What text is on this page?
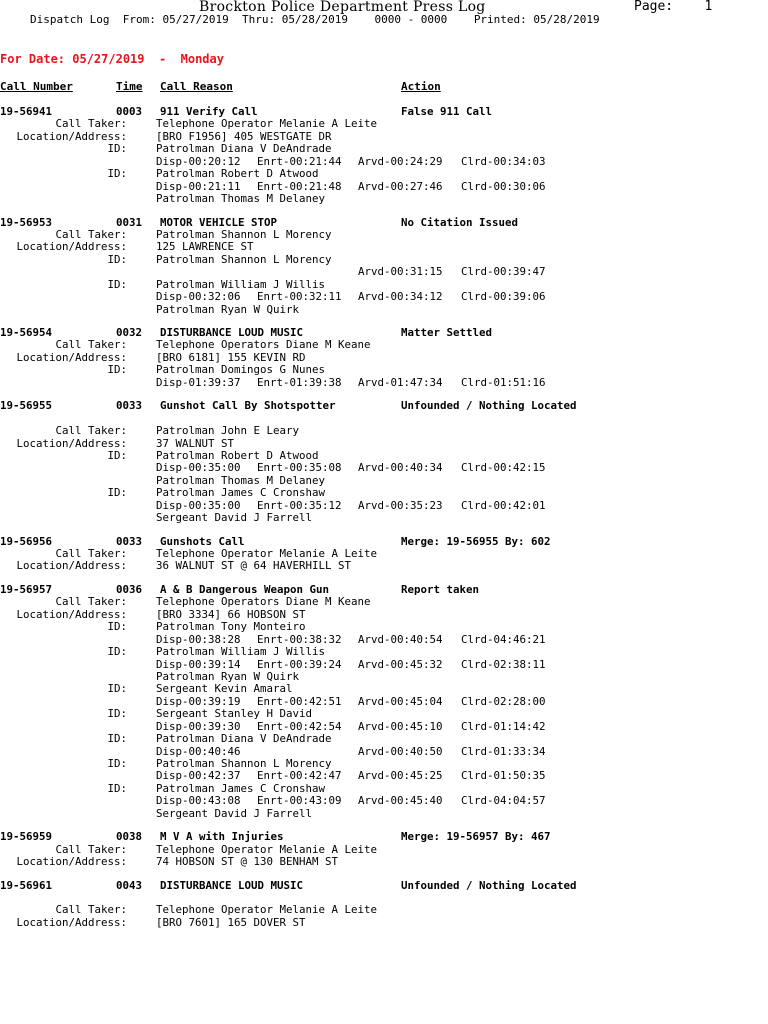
Brockton Police Department Press Log	Page: 1
Dispatch Log From: 05/27/2019 Thru: 05/28/2019 0000 - 0000 Printed: 05/28/2019
For Date: 05/27/2019  -  Monday
Call Number	Time Call Reason	Action
19-56941	0003 911 Verify Call	False 911 Call
Call Taker:	Telephone Operator Melanie A Leite
Location/Address:	[BRO F1956] 405 WESTGATE DR
ID:	Patrolman Diana V DeAndrade
Disp-00:20:12 Enrt-00:21:44 Arvd-00:24:29 Clrd-00:34:03
ID:	Patrolman Robert D Atwood
Disp-00:21:11 Enrt-00:21:48 Arvd-00:27:46 Clrd-00:30:06
Patrolman Thomas M Delaney
19-56953	0031 MOTOR VEHICLE STOP	No Citation Issued
Call Taker:	Patrolman Shannon L Morency
Location/Address:	125 LAWRENCE ST
ID:	Patrolman Shannon L Morency
Arvd-00:31:15 Clrd-00:39:47
ID:	Patrolman William J Willis
Disp-00:32:06 Enrt-00:32:11 Arvd-00:34:12 Clrd-00:39:06
Patrolman Ryan W Quirk
19-56954	0032 DISTURBANCE LOUD MUSIC	Matter Settled
Call Taker:	Telephone Operators Diane M Keane
Location/Address:	[BRO 6181] 155 KEVIN RD
ID:	Patrolman Domingos G Nunes
Disp-01:39:37 Enrt-01:39:38 Arvd-01:47:34 Clrd-01:51:16
19-56955	0033 Gunshot Call By Shotspotter	Unfounded / Nothing Located
Call Taker:	Patrolman John E Leary
Location/Address:	37 WALNUT ST
ID:	Patrolman Robert D Atwood
Disp-00:35:00 Enrt-00:35:08 Arvd-00:40:34 Clrd-00:42:15
Patrolman Thomas M Delaney
ID:	Patrolman James C Cronshaw
Disp-00:35:00 Enrt-00:35:12 Arvd-00:35:23 Clrd-00:42:01
Sergeant David J Farrell
19-56956	0033 Gunshots Call	Merge: 19-56955 By: 602
Call Taker:	Telephone Operator Melanie A Leite
Location/Address:	36 WALNUT ST @ 64 HAVERHILL ST
19-56957	0036 A & B Dangerous Weapon Gun	Report taken
Call Taker:	Telephone Operators Diane M Keane
Location/Address:	[BRO 3334] 66 HOBSON ST
ID:	Patrolman Tony Monteiro
Disp-00:38:28 Enrt-00:38:32 Arvd-00:40:54 Clrd-04:46:21
ID:	Patrolman William J Willis
Disp-00:39:14 Enrt-00:39:24 Arvd-00:45:32 Clrd-02:38:11
Patrolman Ryan W Quirk
ID:	Sergeant Kevin Amaral
Disp-00:39:19 Enrt-00:42:51 Arvd-00:45:04 Clrd-02:28:00
ID:	Sergeant Stanley H David
Disp-00:39:30 Enrt-00:42:54 Arvd-00:45:10 Clrd-01:14:42
ID:	Patrolman Diana V DeAndrade
Disp-00:40:46	Arvd-00:40:50 Clrd-01:33:34
ID:	Patrolman Shannon L Morency
Disp-00:42:37 Enrt-00:42:47 Arvd-00:45:25 Clrd-01:50:35
ID:	Patrolman James C Cronshaw
Disp-00:43:08 Enrt-00:43:09 Arvd-00:45:40 Clrd-04:04:57
Sergeant David J Farrell
19-56959	0038 M V A with Injuries	Merge: 19-56957 By: 467
Call Taker:	Telephone Operator Melanie A Leite
Location/Address:	74 HOBSON ST @ 130 BENHAM ST
19-56961	0043 DISTURBANCE LOUD MUSIC	Unfounded / Nothing Located
Call Taker:	Telephone Operator Melanie A Leite
Location/Address:	[BRO 7601] 165 DOVER ST
